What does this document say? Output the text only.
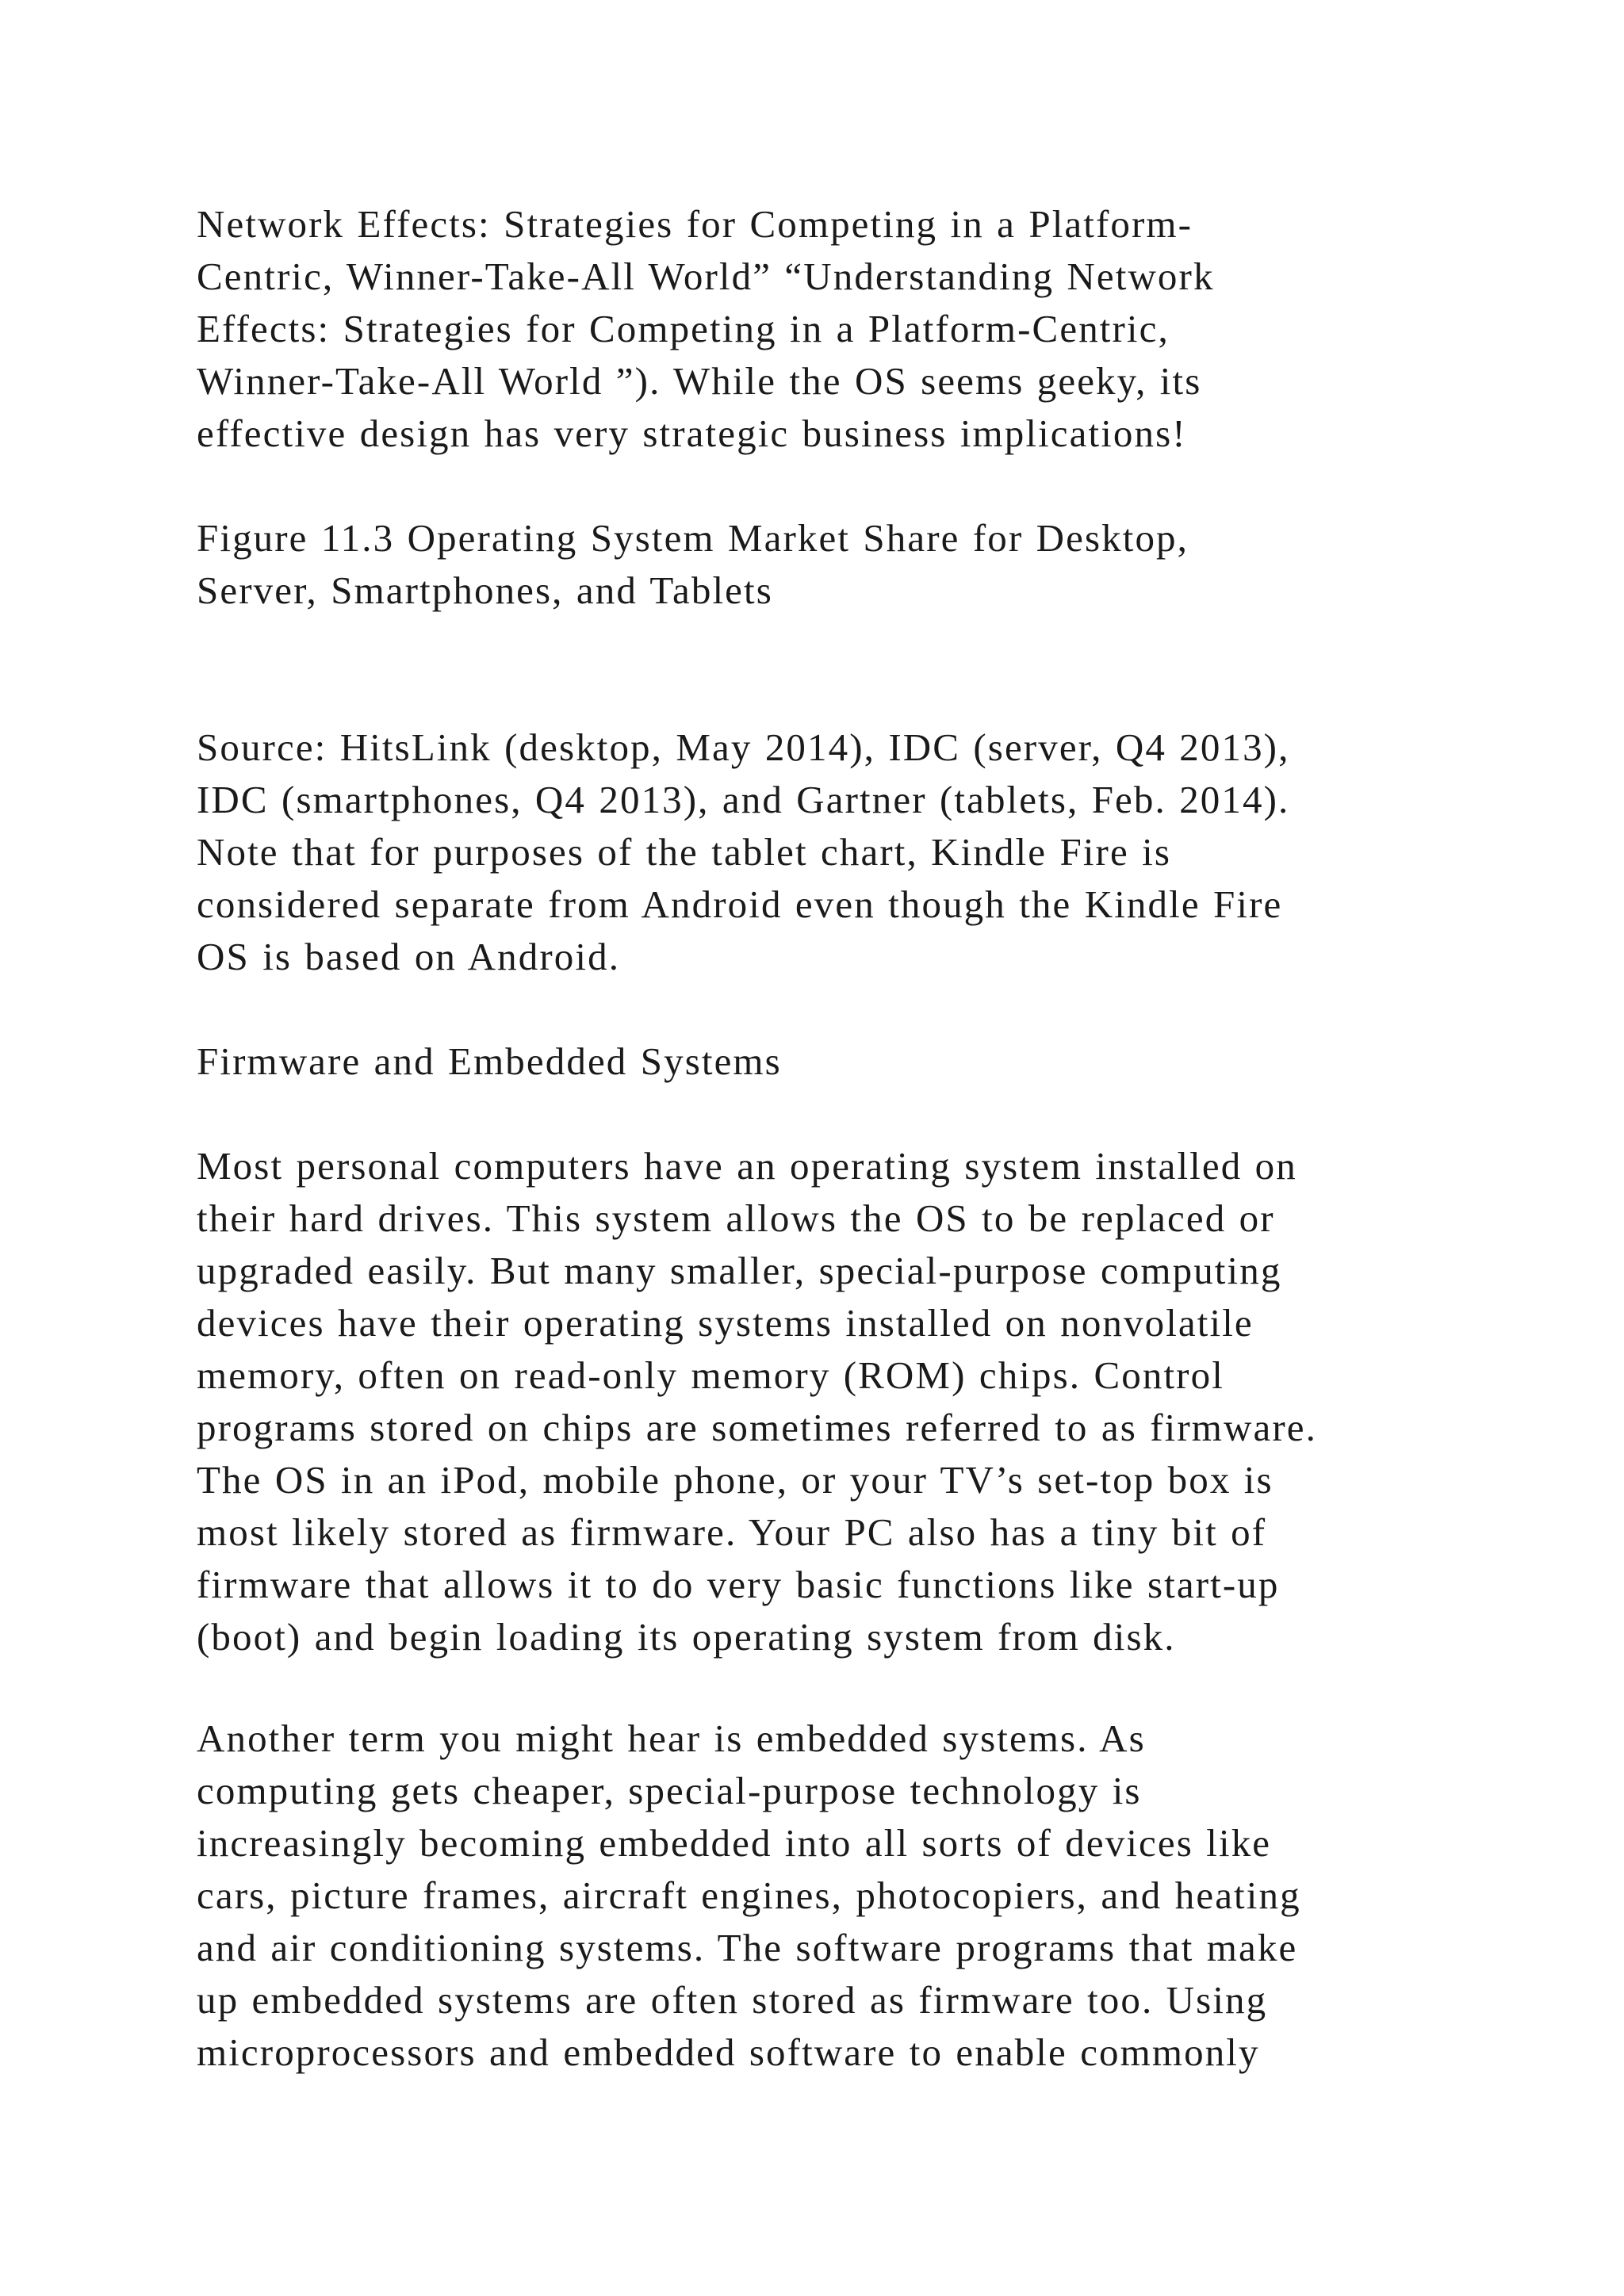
Network Effects: Strategies for Competing in a Platform-
Centric, Winner-Take-All World” “Understanding Network
Effects: Strategies for Competing in a Platform-Centric,
Winner-Take-All World ”). While the OS seems geeky, its
effective design has very strategic business implications!
Figure 11.3 Operating System Market Share for Desktop,
Server, Smartphones, and Tablets
Source: HitsLink (desktop, May 2014), IDC (server, Q4 2013),
IDC (smartphones, Q4 2013), and Gartner (tablets, Feb. 2014).
Note that for purposes of the tablet chart, Kindle Fire is
considered separate from Android even though the Kindle Fire
OS is based on Android.
Firmware and Embedded Systems
Most personal computers have an operating system installed on
their hard drives. This system allows the OS to be replaced or
upgraded easily. But many smaller, special-purpose computing
devices have their operating systems installed on nonvolatile
memory, often on read-only memory (ROM) chips. Control
programs stored on chips are sometimes referred to as firmware.
The OS in an iPod, mobile phone, or your TV’s set-top box is
most likely stored as firmware. Your PC also has a tiny bit of
firmware that allows it to do very basic functions like start-up
(boot) and begin loading its operating system from disk.
Another term you might hear is embedded systems. As
computing gets cheaper, special-purpose technology is
increasingly becoming embedded into all sorts of devices like
cars, picture frames, aircraft engines, photocopiers, and heating
and air conditioning systems. The software programs that make
up embedded systems are often stored as firmware too. Using
microprocessors and embedded software to enable commonly
